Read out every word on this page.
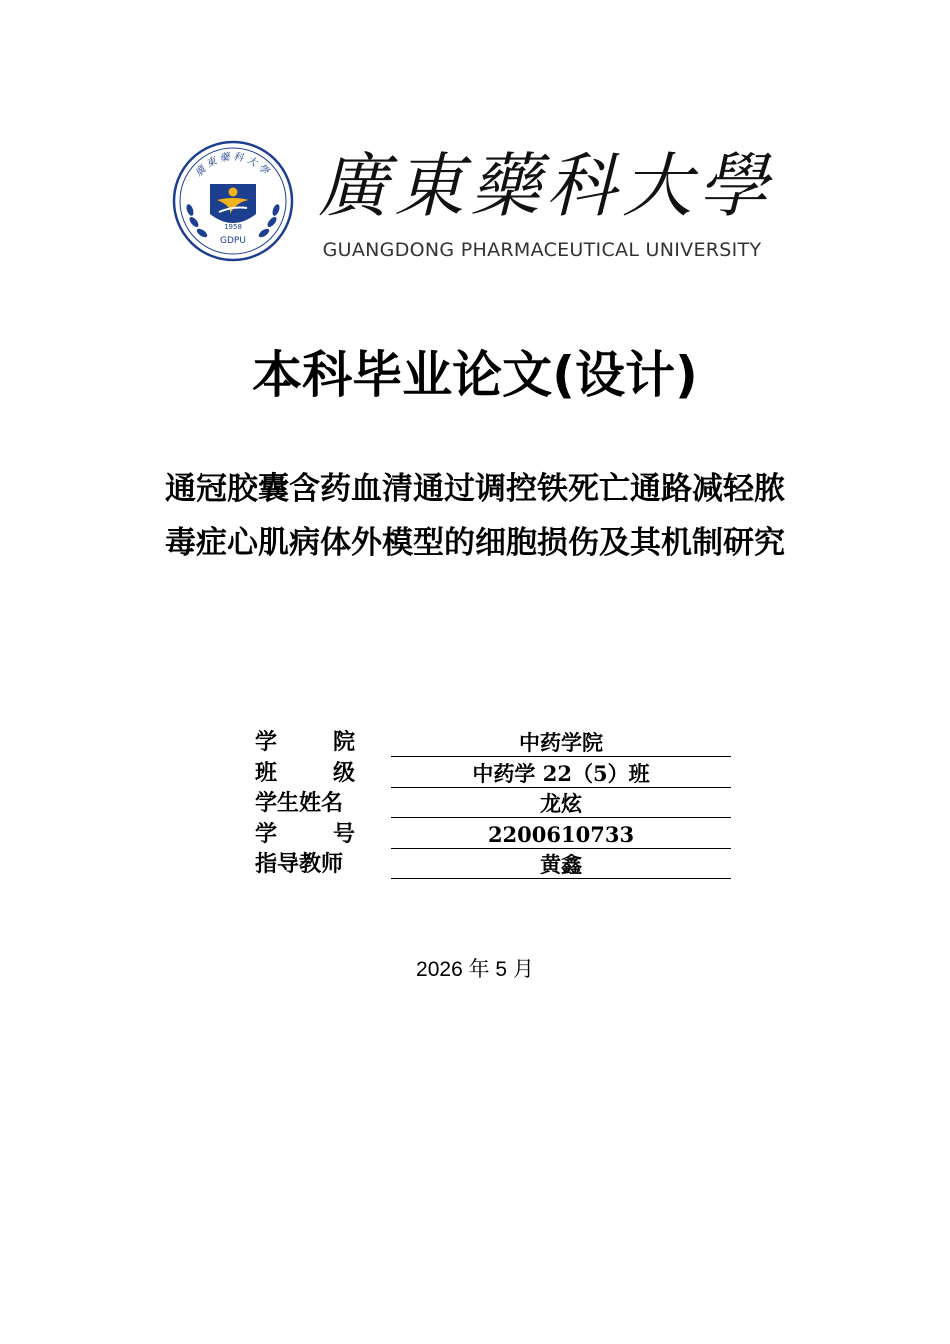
廣東藥科大學
1958
GDPU
廣東藥科大學
GUANGDONG PHARMACEUTICAL UNIVERSITY
本科毕业论文(设计)
通冠胶囊含药血清通过调控铁死亡通路减轻脓毒症心肌病体外模型的细胞损伤及其机制研究
学	院	中药学院
班	级	中药学 22（5）班
学生姓名	龙炫
学	号	2200610733
指导教师	黄鑫
2026 年 5 月
